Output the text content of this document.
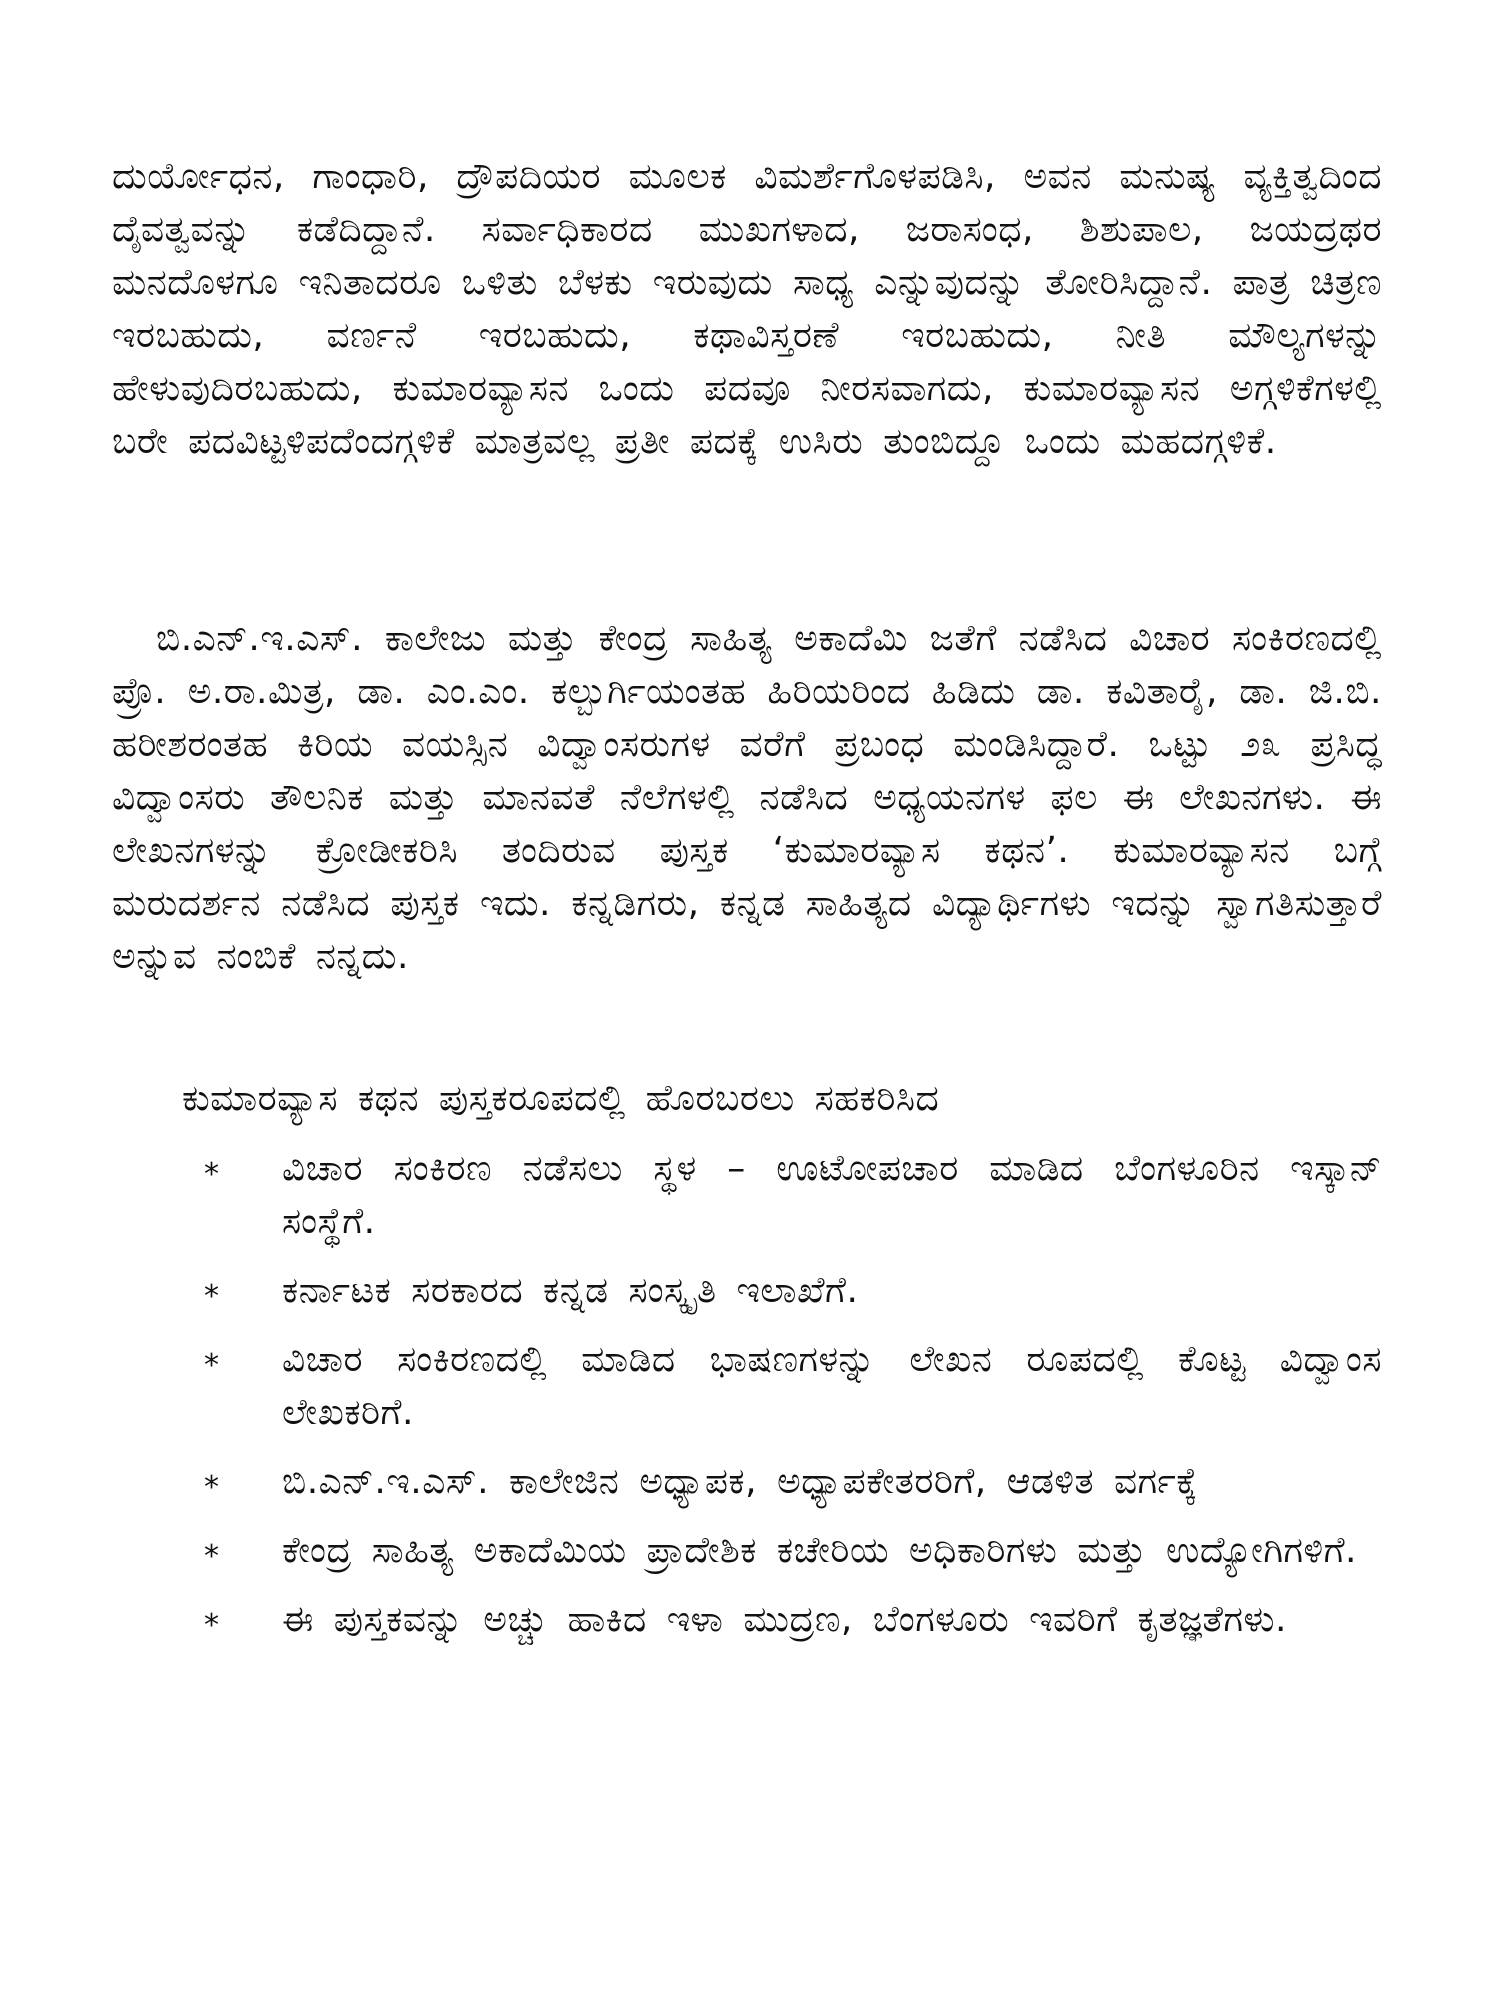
ದುರ್ಯೋಧನ, ಗಾಂಧಾರಿ, ದ್ರೌಪದಿಯರ ಮೂಲಕ ವಿಮರ್ಶೆಗೊಳಪಡಿಸಿ, ಅವನ ಮನುಷ್ಯ ವ್ಯಕ್ತಿತ್ವದಿಂದ ದೈವತ್ವವನ್ನು ಕಡೆದಿದ್ದಾನೆ. ಸರ್ವಾಧಿಕಾರದ ಮುಖಗಳಾದ, ಜರಾಸಂಧ, ಶಿಶುಪಾಲ, ಜಯದ್ರಥರ ಮನದೊಳಗೂ ಇನಿತಾದರೂ ಒಳಿತು ಬೆಳಕು ಇರುವುದು ಸಾಧ್ಯ ಎನ್ನುವುದನ್ನು ತೋರಿಸಿದ್ದಾನೆ. ಪಾತ್ರ ಚಿತ್ರಣ ಇರಬಹುದು, ವರ್ಣನೆ ಇರಬಹುದು, ಕಥಾವಿಸ್ತರಣೆ ಇರಬಹುದು, ನೀತಿ ಮೌಲ್ಯಗಳನ್ನು ಹೇಳುವುದಿರಬಹುದು, ಕುಮಾರವ್ಯಾಸನ ಒಂದು ಪದವೂ ನೀರಸವಾಗದು, ಕುಮಾರವ್ಯಾಸನ ಅಗ್ಗಳಿಕೆಗಳಲ್ಲಿ ಬರೇ ಪದವಿಟ್ಟಳಿಪದೆಂದಗ್ಗಳಿಕೆ ಮಾತ್ರವಲ್ಲ ಪ್ರತೀ ಪದಕ್ಕೆ ಉಸಿರು ತುಂಬಿದ್ದೂ ಒಂದು ಮಹದಗ್ಗಳಿಕೆ.

ಬಿ.ಎನ್.ಇ.ಎಸ್. ಕಾಲೇಜು ಮತ್ತು ಕೇಂದ್ರ ಸಾಹಿತ್ಯ ಅಕಾದೆಮಿ ಜತೆಗೆ ನಡೆಸಿದ ವಿಚಾರ ಸಂಕಿರಣದಲ್ಲಿ ಪ್ರೊ. ಅ.ರಾ.ಮಿತ್ರ, ಡಾ. ಎಂ.ಎಂ. ಕಲ್ಬುರ್ಗಿಯಂತಹ ಹಿರಿಯರಿಂದ ಹಿಡಿದು ಡಾ. ಕವಿತಾರೈ, ಡಾ. ಜಿ.ಬಿ. ಹರೀಶರಂತಹ ಕಿರಿಯ ವಯಸ್ಸಿನ ವಿದ್ವಾಂಸರುಗಳ ವರೆಗೆ ಪ್ರಬಂಧ ಮಂಡಿಸಿದ್ದಾರೆ. ಒಟ್ಟು ೨೩ ಪ್ರಸಿದ್ಧ ವಿದ್ವಾಂಸರು ತೌಲನಿಕ ಮತ್ತು ಮಾನವತೆ ನೆಲೆಗಳಲ್ಲಿ ನಡೆಸಿದ ಅಧ್ಯಯನಗಳ ಫಲ ಈ ಲೇಖನಗಳು. ಈ ಲೇಖನಗಳನ್ನು ಕ್ರೋಡೀಕರಿಸಿ ತಂದಿರುವ ಪುಸ್ತಕ ‘ಕುಮಾರವ್ಯಾಸ ಕಥನ’. ಕುಮಾರವ್ಯಾಸನ ಬಗ್ಗೆ ಮರುದರ್ಶನ ನಡೆಸಿದ ಪುಸ್ತಕ ಇದು. ಕನ್ನಡಿಗರು, ಕನ್ನಡ ಸಾಹಿತ್ಯದ ವಿದ್ಯಾರ್ಥಿಗಳು ಇದನ್ನು ಸ್ವಾಗತಿಸುತ್ತಾರೆ ಅನ್ನುವ ನಂಬಿಕೆ ನನ್ನದು.

ಕುಮಾರವ್ಯಾಸ ಕಥನ ಪುಸ್ತಕರೂಪದಲ್ಲಿ ಹೊರಬರಲು ಸಹಕರಿಸಿದ

* ವಿಚಾರ ಸಂಕಿರಣ ನಡೆಸಲು ಸ್ಥಳ – ಊಟೋಪಚಾರ ಮಾಡಿದ ಬೆಂಗಳೂರಿನ ಇಸ್ಕಾನ್ ಸಂಸ್ಥೆಗೆ.
* ಕರ್ನಾಟಕ ಸರಕಾರದ ಕನ್ನಡ ಸಂಸ್ಕೃತಿ ಇಲಾಖೆಗೆ.
* ವಿಚಾರ ಸಂಕಿರಣದಲ್ಲಿ ಮಾಡಿದ ಭಾಷಣಗಳನ್ನು ಲೇಖನ ರೂಪದಲ್ಲಿ ಕೊಟ್ಟ ವಿದ್ವಾಂಸ ಲೇಖಕರಿಗೆ.
* ಬಿ.ಎನ್.ಇ.ಎಸ್. ಕಾಲೇಜಿನ ಅಧ್ಯಾಪಕ, ಅಧ್ಯಾಪಕೇತರರಿಗೆ, ಆಡಳಿತ ವರ್ಗಕ್ಕೆ
* ಕೇಂದ್ರ ಸಾಹಿತ್ಯ ಅಕಾದೆಮಿಯ ಪ್ರಾದೇಶಿಕ ಕಚೇರಿಯ ಅಧಿಕಾರಿಗಳು ಮತ್ತು ಉದ್ಯೋಗಿಗಳಿಗೆ.
* ಈ ಪುಸ್ತಕವನ್ನು ಅಚ್ಚು ಹಾಕಿದ ಇಳಾ ಮುದ್ರಣ, ಬೆಂಗಳೂರು ಇವರಿಗೆ ಕೃತಜ್ಞತೆಗಳು.
